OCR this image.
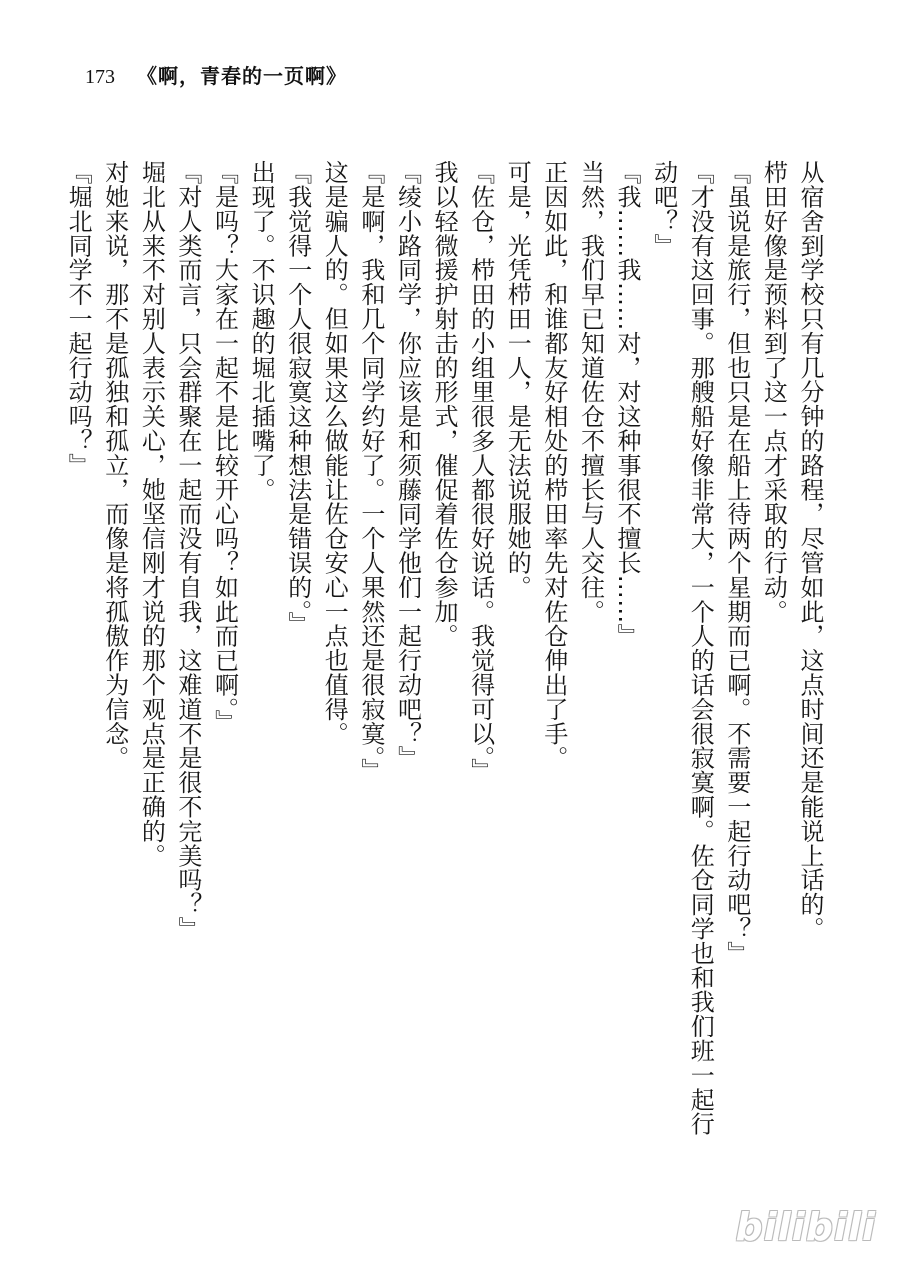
173 《啊，青春的一页啊》

从宿舍到学校只有几分钟的路程，尽管如此，这点时间还是能说上话的。

栉田好像是预料到了这一点才采取的行动。

『虽说是旅行，但也只是在船上待两个星期而已啊。不需要一起行动吧？』

『才没有这回事。那艘船好像非常大，一个人的话会很寂寞啊。佐仓同学也和我们班一起行动吧？』

『我……我……对，对这种事很不擅长……』

当然，我们早已知道佐仓不擅长与人交往。

正因如此，和谁都友好相处的栉田率先对佐仓伸出了手。

可是，光凭栉田一人，是无法说服她的。

『佐仓，栉田的小组里很多人都很好说话。我觉得可以。』

我以轻微援护射击的形式，催促着佐仓参加。

『绫小路同学，你应该是和须藤同学他们一起行动吧？』

『是啊，我和几个同学约好了。一个人果然还是很寂寞。』

这是骗人的。但如果这么做能让佐仓安心一点也值得。

『我觉得一个人很寂寞这种想法是错误的。』

出现了。不识趣的堀北插嘴了。

『是吗？大家在一起不是比较开心吗？如此而已啊。』

『对人类而言，只会群聚在一起而没有自我，这难道不是很不完美吗？』

堀北从来不对别人表示关心，她坚信刚才说的那个观点是正确的。

对她来说，那不是孤独和孤立，而像是将孤傲作为信念。

『堀北同学不一起行动吗？』

bilibili
